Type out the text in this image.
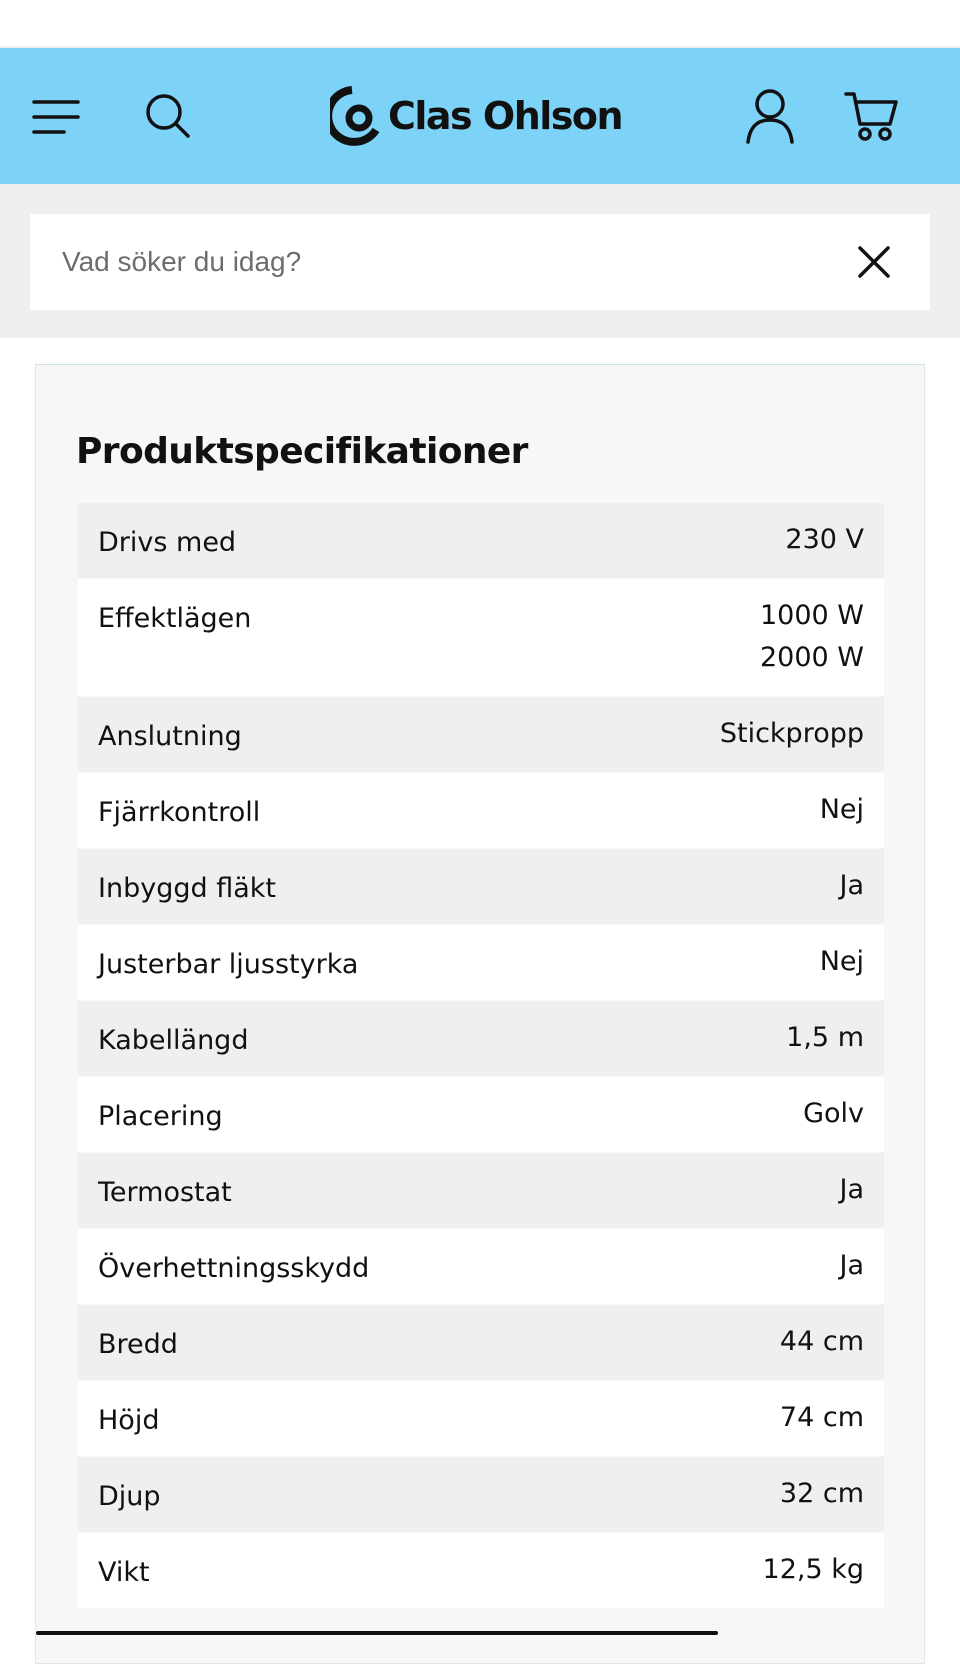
Clas Ohlson
Vad söker du idag?
Produktspecifikationer
Drivs med	230 V
Effektlägen	1000 W
2000 W
Anslutning	Stickpropp
Fjärrkontroll	Nej
Inbyggd fläkt	Ja
Justerbar ljusstyrka	Nej
Kabellängd	1,5 m
Placering	Golv
Termostat	Ja
Överhettningsskydd	Ja
Bredd	44 cm
Höjd	74 cm
Djup	32 cm
Vikt	12,5 kg
